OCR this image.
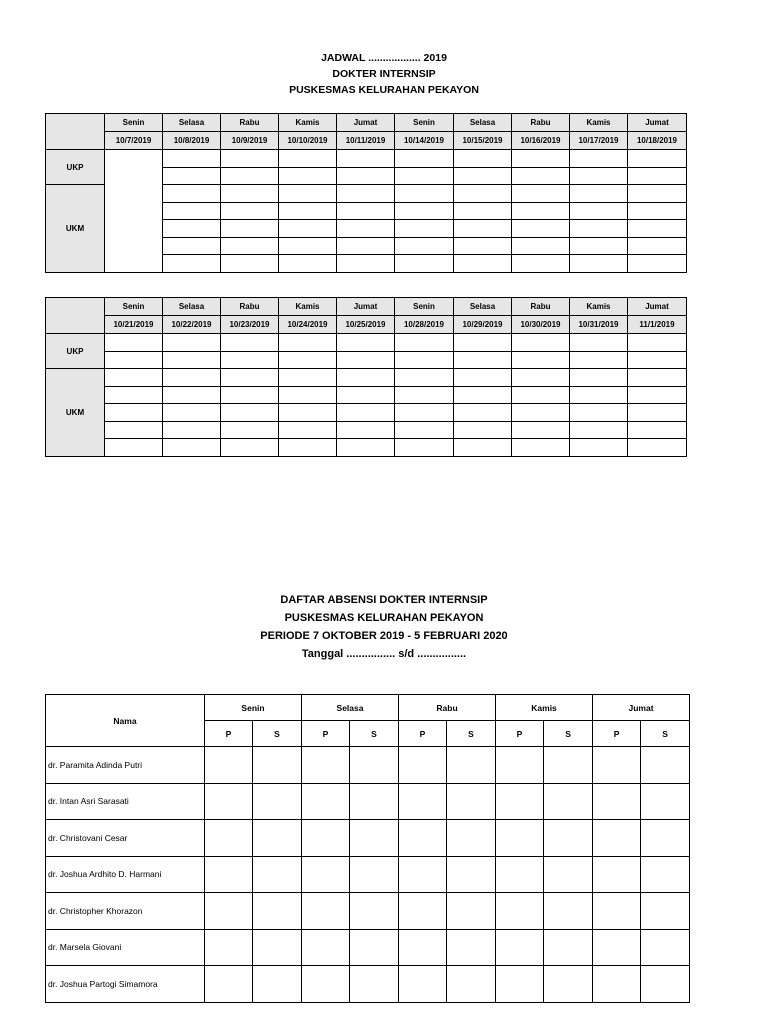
JADWAL .................. 2019
DOKTER INTERNSIP
PUSKESMAS KELURAHAN PEKAYON
	Senin	Selasa	Rabu	Kamis	Jumat	Senin	Selasa	Rabu	Kamis	Jumat
	10/7/2019	10/8/2019	10/9/2019	10/10/2019	10/11/2019	10/14/2019	10/15/2019	10/16/2019	10/17/2019	10/18/2019
UKP										

UKM										

	Senin	Selasa	Rabu	Kamis	Jumat	Senin	Selasa	Rabu	Kamis	Jumat
	10/21/2019	10/22/2019	10/23/2019	10/24/2019	10/25/2019	10/28/2019	10/29/2019	10/30/2019	10/31/2019	11/1/2019
UKP										

UKM										

DAFTAR ABSENSI DOKTER INTERNSIP
PUSKESMAS KELURAHAN PEKAYON
PERIODE 7 OKTOBER 2019 - 5 FEBRUARI 2020
Tanggal ................ s/d ................
Nama	Senin		Selasa		Rabu		Kamis		Jumat	
	P	S	P	S	P	S	P	S	P	S
dr. Paramita Adinda Putri										
dr. Intan Asri Sarasati										
dr. Christovani Cesar										
dr. Joshua Ardhito D. Harmani										
dr. Christopher Khorazon										
dr. Marsela Giovani										
dr. Joshua Partogi Simamora										
